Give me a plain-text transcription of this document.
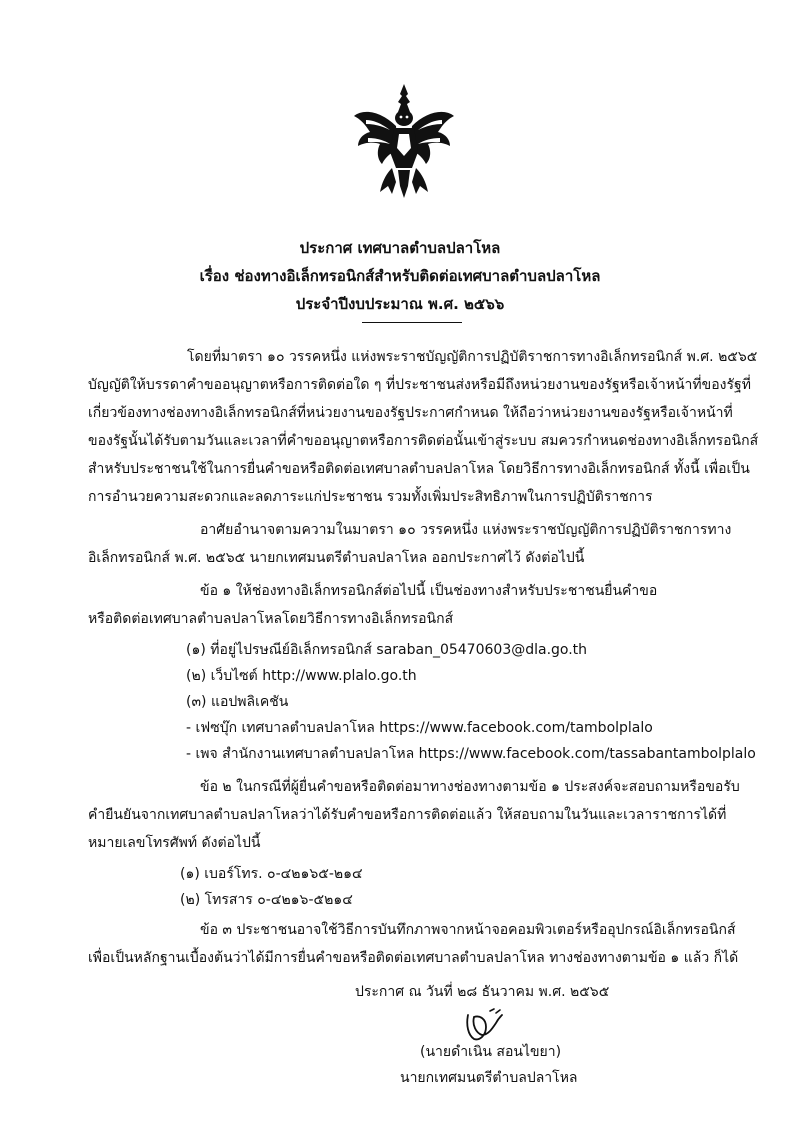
ประกาศ เทศบาลตำบลปลาโหล
เรื่อง ช่องทางอิเล็กทรอนิกส์สำหรับติดต่อเทศบาลตำบลปลาโหล
ประจำปีงบประมาณ พ.ศ. ๒๕๖๖
โดยที่มาตรา ๑๐ วรรคหนึ่ง แห่งพระราชบัญญัติการปฏิบัติราชการทางอิเล็กทรอนิกส์ พ.ศ. ๒๕๖๕
บัญญัติให้บรรดาคำขออนุญาตหรือการติดต่อใด ๆ ที่ประชาชนส่งหรือมีถึงหน่วยงานของรัฐหรือเจ้าหน้าที่ของรัฐที่
เกี่ยวข้องทางช่องทางอิเล็กทรอนิกส์ที่หน่วยงานของรัฐประกาศกำหนด ให้ถือว่าหน่วยงานของรัฐหรือเจ้าหน้าที่
ของรัฐนั้นได้รับตามวันและเวลาที่คำขออนุญาตหรือการติดต่อนั้นเข้าสู่ระบบ สมควรกำหนดช่องทางอิเล็กทรอนิกส์
สำหรับประชาชนใช้ในการยื่นคำขอหรือติดต่อเทศบาลตำบลปลาโหล โดยวิธีการทางอิเล็กทรอนิกส์ ทั้งนี้ เพื่อเป็น
การอำนวยความสะดวกและลดภาระแก่ประชาชน รวมทั้งเพิ่มประสิทธิภาพในการปฏิบัติราชการ
อาศัยอำนาจตามความในมาตรา ๑๐ วรรคหนึ่ง แห่งพระราชบัญญัติการปฏิบัติราชการทาง
อิเล็กทรอนิกส์ พ.ศ. ๒๕๖๕ นายกเทศมนตรีตำบลปลาโหล ออกประกาศไว้ ดังต่อไปนี้
ข้อ ๑ ให้ช่องทางอิเล็กทรอนิกส์ต่อไปนี้ เป็นช่องทางสำหรับประชาชนยื่นคำขอ
หรือติดต่อเทศบาลตำบลปลาโหลโดยวิธีการทางอิเล็กทรอนิกส์
(๑) ที่อยู่ไปรษณีย์อิเล็กทรอนิกส์ saraban_05470603@dla.go.th
(๒) เว็บไซต์ http://www.plalo.go.th
(๓) แอปพลิเคชัน
- เฟซบุ๊ก เทศบาลตำบลปลาโหล https://www.facebook.com/tambolplalo
- เพจ สำนักงานเทศบาลตำบลปลาโหล https://www.facebook.com/tassabantambolplalo
ข้อ ๒ ในกรณีที่ผู้ยื่นคำขอหรือติดต่อมาทางช่องทางตามข้อ ๑ ประสงค์จะสอบถามหรือขอรับ
คำยืนยันจากเทศบาลตำบลปลาโหลว่าได้รับคำขอหรือการติดต่อแล้ว ให้สอบถามในวันและเวลาราชการได้ที่
หมายเลขโทรศัพท์ ดังต่อไปนี้
(๑) เบอร์โทร. ๐-๔๒๑๖๕-๒๑๔
(๒) โทรสาร ๐-๔๒๑๖-๕๒๑๔
ข้อ ๓ ประชาชนอาจใช้วิธีการบันทึกภาพจากหน้าจอคอมพิวเตอร์หรืออุปกรณ์อิเล็กทรอนิกส์
เพื่อเป็นหลักฐานเบื้องต้นว่าได้มีการยื่นคำขอหรือติดต่อเทศบาลตำบลปลาโหล ทางช่องทางตามข้อ ๑ แล้ว ก็ได้
ประกาศ ณ วันที่ ๒๘ ธันวาคม พ.ศ. ๒๕๖๕
(นายดำเนิน สอนไขยา)
นายกเทศมนตรีตำบลปลาโหล
